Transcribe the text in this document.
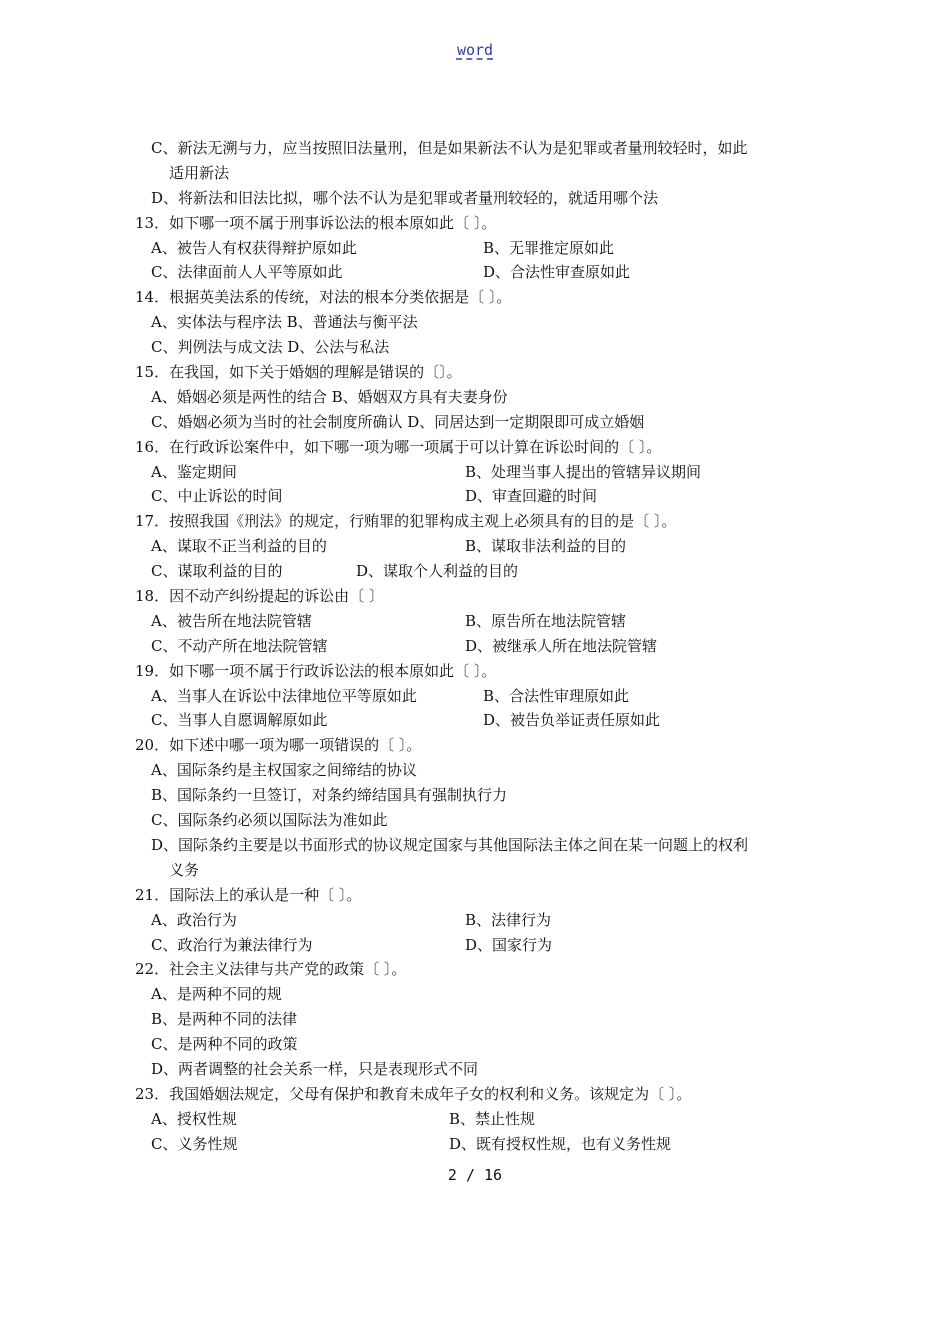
word
C、新法无溯与力，应当按照旧法量刑，但是如果新法不认为是犯罪或者量刑较轻时，如此
适用新法
D、将新法和旧法比拟，哪个法不认为是犯罪或者量刑较轻的，就适用哪个法
13．如下哪一项不属于刑事诉讼法的根本原如此〔 〕。
A、被告人有权获得辩护原如此	B、无罪推定原如此
C、法律面前人人平等原如此	D、合法性审查原如此
14．根据英美法系的传统，对法的根本分类依据是〔 〕。
A、实体法与程序法 B、普通法与衡平法
C、判例法与成文法 D、公法与私法
15．在我国，如下关于婚姻的理解是错误的〔〕。
A、婚姻必须是两性的结合 B、婚姻双方具有夫妻身份
C、婚姻必须为当时的社会制度所确认 D、同居达到一定期限即可成立婚姻
16．在行政诉讼案件中，如下哪一项为哪一项属于可以计算在诉讼时间的〔 〕。
A、鉴定期间	B、处理当事人提出的管辖异议期间
C、中止诉讼的时间	D、审查回避的时间
17．按照我国《刑法》的规定，行贿罪的犯罪构成主观上必须具有的目的是〔 〕。
A、谋取不正当利益的目的	B、谋取非法利益的目的
C、谋取利益的目的	D、谋取个人利益的目的
18．因不动产纠纷提起的诉讼由〔 〕
A、被告所在地法院管辖	B、原告所在地法院管辖
C、不动产所在地法院管辖	D、被继承人所在地法院管辖
19．如下哪一项不属于行政诉讼法的根本原如此〔 〕。
A、当事人在诉讼中法律地位平等原如此	B、合法性审理原如此
C、当事人自愿调解原如此	D、被告负举证责任原如此
20．如下述中哪一项为哪一项错误的〔 〕。
A、国际条约是主权国家之间缔结的协议
B、国际条约一旦签订，对条约缔结国具有强制执行力
C、国际条约必须以国际法为准如此
D、国际条约主要是以书面形式的协议规定国家与其他国际法主体之间在某一问题上的权利
义务
21．国际法上的承认是一种〔 〕。
A、政治行为	B、法律行为
C、政治行为兼法律行为	D、国家行为
22．社会主义法律与共产党的政策〔 〕。
A、是两种不同的规
B、是两种不同的法律
C、是两种不同的政策
D、两者调整的社会关系一样，只是表现形式不同
23．我国婚姻法规定，父母有保护和教育未成年子女的权利和义务。该规定为〔 〕。
A、授权性规	B、禁止性规
C、义务性规	D、既有授权性规，也有义务性规
2 / 16
